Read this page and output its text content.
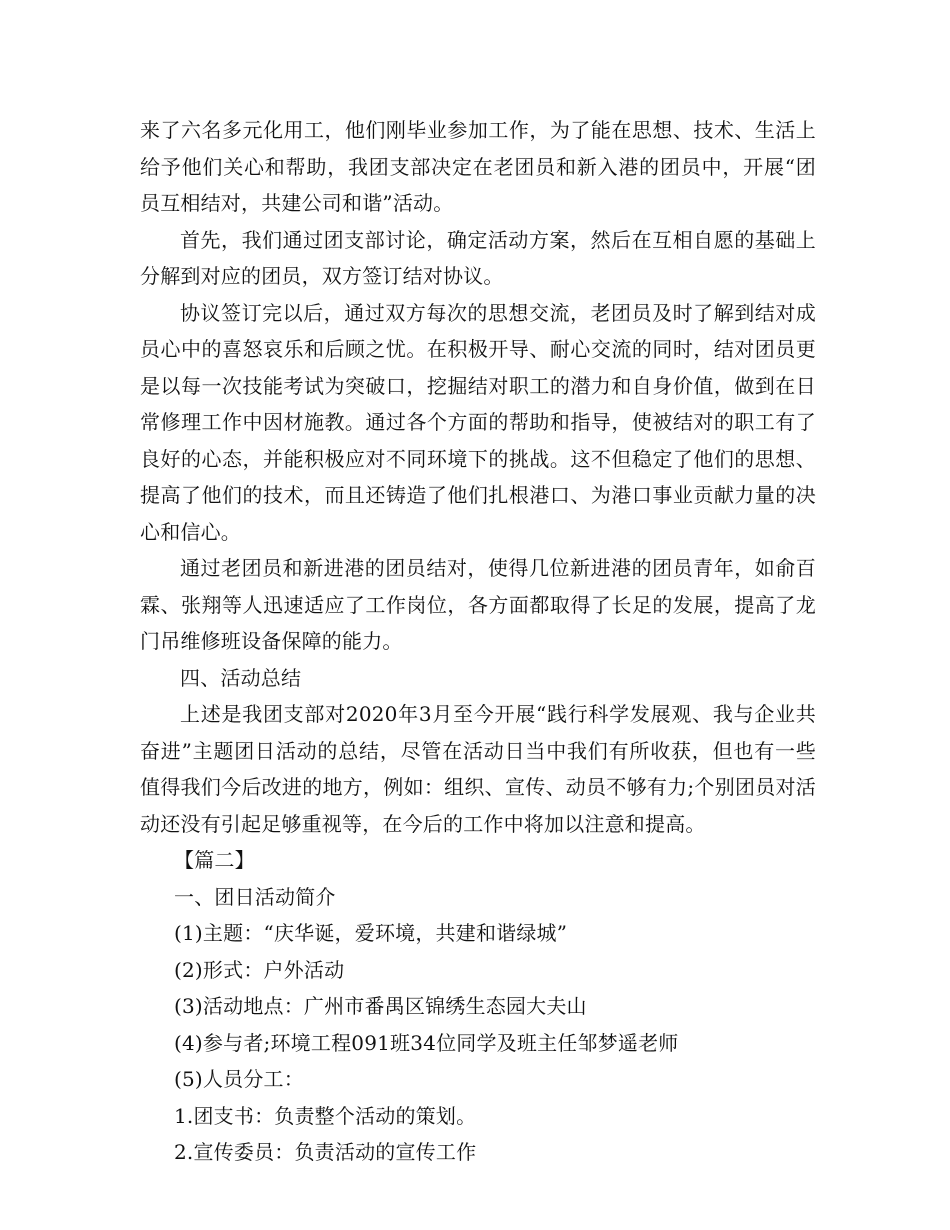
来了六名多元化用工，他们刚毕业参加工作，为了能在思想、技术、生活上给予他们关心和帮助，我团支部决定在老团员和新入港的团员中，开展“团员互相结对，共建公司和谐”活动。

首先，我们通过团支部讨论，确定活动方案，然后在互相自愿的基础上分解到对应的团员，双方签订结对协议。

协议签订完以后，通过双方每次的思想交流，老团员及时了解到结对成员心中的喜怒哀乐和后顾之忧。在积极开导、耐心交流的同时，结对团员更是以每一次技能考试为突破口，挖掘结对职工的潜力和自身价值，做到在日常修理工作中因材施教。通过各个方面的帮助和指导，使被结对的职工有了良好的心态，并能积极应对不同环境下的挑战。这不但稳定了他们的思想、提高了他们的技术，而且还铸造了他们扎根港口、为港口事业贡献力量的决心和信心。

通过老团员和新进港的团员结对，使得几位新进港的团员青年，如俞百霖、张翔等人迅速适应了工作岗位，各方面都取得了长足的发展，提高了龙门吊维修班设备保障的能力。

四、活动总结

上述是我团支部对2020年3月至今开展“践行科学发展观、我与企业共奋进”主题团日活动的总结，尽管在活动日当中我们有所收获，但也有一些值得我们今后改进的地方，例如：组织、宣传、动员不够有力;个别团员对活动还没有引起足够重视等，在今后的工作中将加以注意和提高。

【篇二】

一、团日活动简介

(1)主题：“庆华诞，爱环境，共建和谐绿城”

(2)形式：户外活动

(3)活动地点：广州市番禺区锦绣生态园大夫山

(4)参与者;环境工程091班34位同学及班主任邹梦遥老师

(5)人员分工：

1.团支书：负责整个活动的策划。

2.宣传委员：负责活动的宣传工作
